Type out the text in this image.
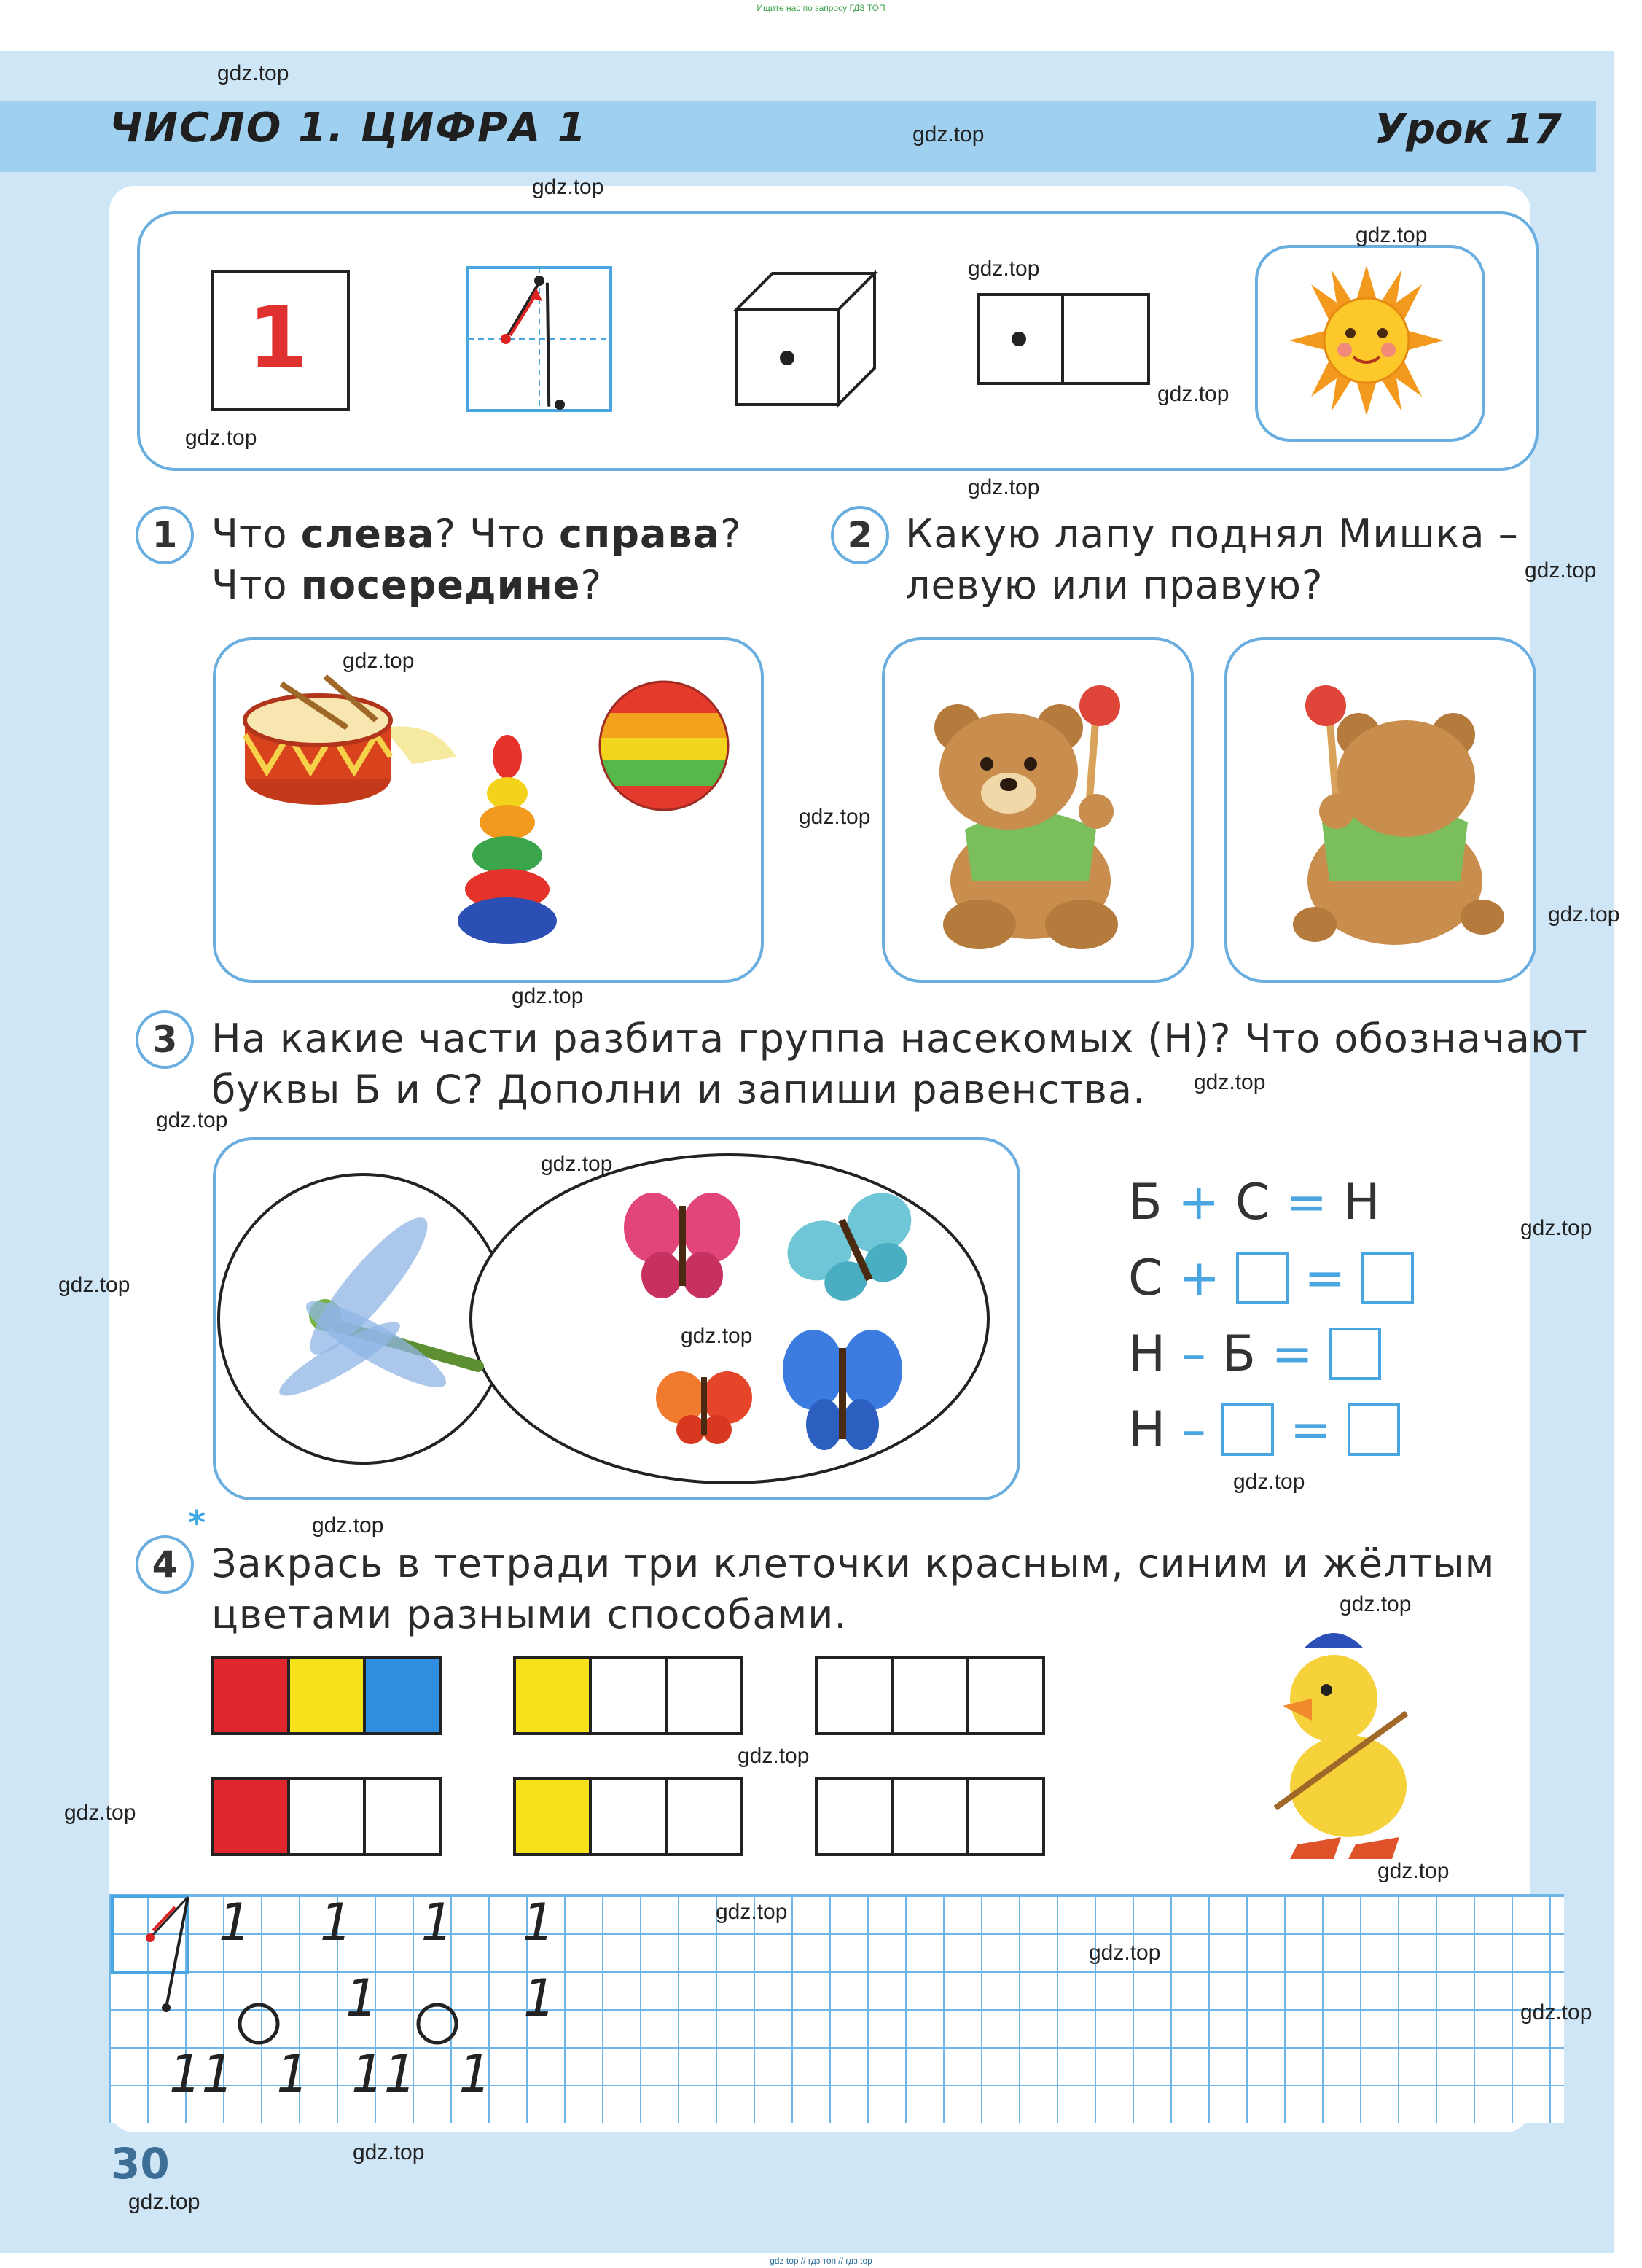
Ищите нас по запросу ГДЗ ТОП
ЧИСЛО 1. ЦИФРА 1	Урок 17
1
1 Что слева? Что справа?
Что посередине?
2 Какую лапу поднял Мишка –
левую или правую?
3 На какие части разбита группа насекомых (Н)? Что обозначают
буквы Б и С? Дополни и запиши равенства.
Б + С = Н
С + =
Н – Б =
Н – =
4
*
Закрась в тетради три клеточки красным, синим и жёлтым
цветами разными способами.
1 1 1 1
1	1
11 1 11 1
30
gdz.top
gdz.top
gdz.top
gdz.top
gdz.top
gdz.top
gdz.top
gdz.top
gdz.top
gdz.top
gdz.top
gdz.top
gdz.top
gdz.top
gdz.top
gdz.top
gdz.top
gdz.top
gdz.top
gdz.top
gdz.top
gdz.top
gdz.top
gdz.top
gdz.top
gdz.top
gdz.top
gdz.top
gdz.top
gdz.top
gdz top // гдз топ // гдз top
